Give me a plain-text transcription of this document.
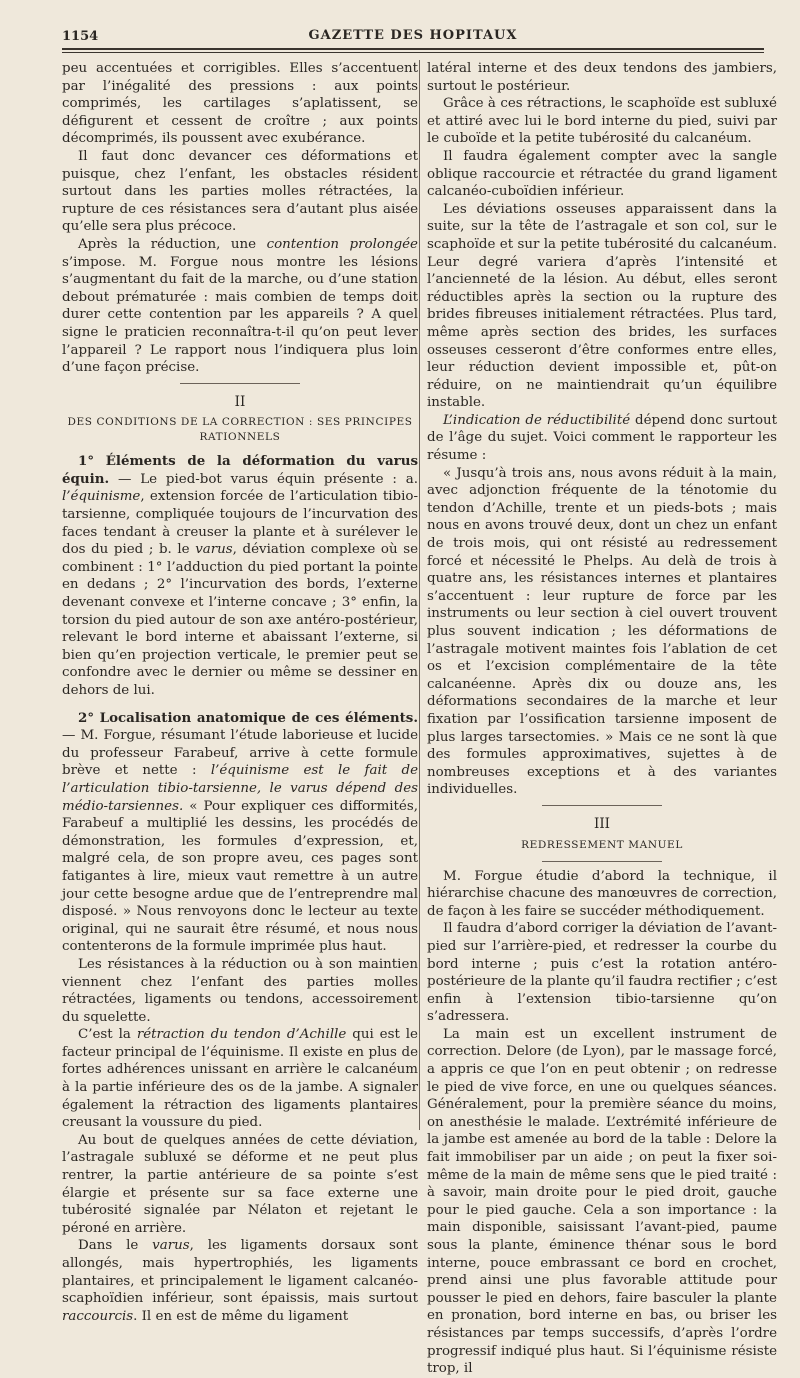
1154	GAZETTE DES HOPITAUX

peu accentuées et corrigibles. Elles s’accentuent par l’inégalité des pressions : aux points comprimés, les cartilages s’aplatissent, se défigurent et cessent de croître ; aux points décomprimés, ils poussent avec exubérance.

Il faut donc devancer ces déformations et puisque, chez l’enfant, les obstacles résident surtout dans les parties molles rétractées, la rupture de ces résistances sera d’autant plus aisée qu’elle sera plus précoce.

Après la réduction, une contention prolongée s’impose. M. Forgue nous montre les lésions s’augmentant du fait de la marche, ou d’une station debout prématurée : mais combien de temps doit durer cette contention par les appareils ? A quel signe le praticien reconnaîtra-t-il qu’on peut lever l’appareil ? Le rapport nous l’indiquera plus loin d’une façon précise.

II
DES CONDITIONS DE LA CORRECTION : SES PRINCIPES RATIONNELS

1° Éléments de la déformation du varus équin. — Le pied-bot varus équin présente : a. l’équinisme, extension forcée de l’articulation tibio-tarsienne, compliquée toujours de l’incurvation des faces tendant à creuser la plante et à surélever le dos du pied ; b. le varus, déviation complexe où se combinent : 1° l’adduction du pied portant la pointe en dedans ; 2° l’incurvation des bords, l’externe devenant convexe et l’interne concave ; 3° enfin, la torsion du pied autour de son axe antéro-postérieur, relevant le bord interne et abaissant l’externe, si bien qu’en projection verticale, le premier peut se confondre avec le dernier ou même se dessiner en dehors de lui.

2° Localisation anatomique de ces éléments. — M. Forgue, résumant l’étude laborieuse et lucide du professeur Farabeuf, arrive à cette formule brève et nette : l’équinisme est le fait de l’articulation tibio-tarsienne, le varus dépend des médio-tarsiennes. « Pour expliquer ces difformités, Farabeuf a multiplié les dessins, les procédés de démonstration, les formules d’expression, et, malgré cela, de son propre aveu, ces pages sont fatigantes à lire, mieux vaut remettre à un autre jour cette besogne ardue que de l’entreprendre mal disposé. » Nous renvoyons donc le lecteur au texte original, qui ne saurait être résumé, et nous nous contenterons de la formule imprimée plus haut.

Les résistances à la réduction ou à son maintien viennent chez l’enfant des parties molles rétractées, ligaments ou tendons, accessoirement du squelette.

C’est la rétraction du tendon d’Achille qui est le facteur principal de l’équinisme. Il existe en plus de fortes adhérences unissant en arrière le calcanéum à la partie inférieure des os de la jambe. A signaler également la rétraction des ligaments plantaires creusant la voussure du pied.

Au bout de quelques années de cette déviation, l’astragale subluxé se déforme et ne peut plus rentrer, la partie antérieure de sa pointe s’est élargie et présente sur sa face externe une tubérosité signalée par Nélaton et rejetant le péroné en arrière.

Dans le varus, les ligaments dorsaux sont allongés, mais hypertrophiés, les ligaments plantaires, et principalement le ligament calcanéo-scaphoïdien inférieur, sont épaissis, mais surtout raccourcis. Il en est de même du ligament

latéral interne et des deux tendons des jambiers, surtout le postérieur.

Grâce à ces rétractions, le scaphoïde est subluxé et attiré avec lui le bord interne du pied, suivi par le cuboïde et la petite tubérosité du calcanéum.

Il faudra également compter avec la sangle oblique raccourcie et rétractée du grand ligament calcanéo-cuboïdien inférieur.

Les déviations osseuses apparaissent dans la suite, sur la tête de l’astragale et son col, sur le scaphoïde et sur la petite tubérosité du calcanéum. Leur degré variera d’après l’intensité et l’ancienneté de la lésion. Au début, elles seront réductibles après la section ou la rupture des brides fibreuses initialement rétractées. Plus tard, même après section des brides, les surfaces osseuses cesseront d’être conformes entre elles, leur réduction devient impossible et, pût-on réduire, on ne maintiendrait qu’un équilibre instable.

L’indication de réductibilité dépend donc surtout de l’âge du sujet. Voici comment le rapporteur les résume :

« Jusqu’à trois ans, nous avons réduit à la main, avec adjonction fréquente de la ténotomie du tendon d’Achille, trente et un pieds-bots ; mais nous en avons trouvé deux, dont un chez un enfant de trois mois, qui ont résisté au redressement forcé et nécessité le Phelps. Au delà de trois à quatre ans, les résistances internes et plantaires s’accentuent : leur rupture de force par les instruments ou leur section à ciel ouvert trouvent plus souvent indication ; les déformations de l’astragale motivent maintes fois l’ablation de cet os et l’excision complémentaire de la tête calcanéenne. Après dix ou douze ans, les déformations secondaires de la marche et leur fixation par l’ossification tarsienne imposent de plus larges tarsectomies. » Mais ce ne sont là que des formules approximatives, sujettes à de nombreuses exceptions et à des variantes individuelles.

III
REDRESSEMENT MANUEL

M. Forgue étudie d’abord la technique, il hiérarchise chacune des manœuvres de correction, de façon à les faire se succéder méthodiquement.

Il faudra d’abord corriger la déviation de l’avant-pied sur l’arrière-pied, et redresser la courbe du bord interne ; puis c’est la rotation antéro-postérieure de la plante qu’il faudra rectifier ; c’est enfin à l’extension tibio-tarsienne qu’on s’adressera.

La main est un excellent instrument de correction. Delore (de Lyon), par le massage forcé, a appris ce que l’on en peut obtenir ; on redresse le pied de vive force, en une ou quelques séances. Généralement, pour la première séance du moins, on anesthésie le malade. L’extrémité inférieure de la jambe est amenée au bord de la table : Delore la fait immobiliser par un aide ; on peut la fixer soi-même de la main de même sens que le pied traité : à savoir, main droite pour le pied droit, gauche pour le pied gauche. Cela a son importance : la main disponible, saisissant l’avant-pied, paume sous la plante, éminence thénar sous le bord interne, pouce embrassant ce bord en crochet, prend ainsi une plus favorable attitude pour pousser le pied en dehors, faire basculer la plante en pronation, bord interne en bas, ou briser les résistances par temps successifs, d’après l’ordre progressif indiqué plus haut. Si l’équinisme résiste trop, il
